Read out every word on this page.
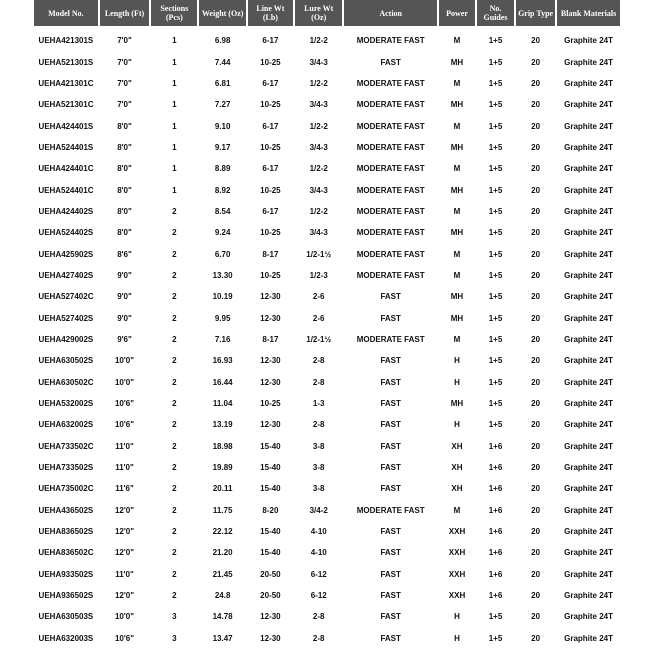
Model No.	Length (Ft)	Sections (Pcs)	Weight (Oz)	Line Wt (Lb)	Lure Wt (Oz)	Action	Power	No. Guides	Grip Type	Blank Materials

UEHA421301S	7'0"	1	6.98	6-17	1/2-2	MODERATE FAST	M	1+5	20	Graphite 24T
UEHA521301S	7'0"	1	7.44	10-25	3/4-3	FAST	MH	1+5	20	Graphite 24T
UEHA421301C	7'0"	1	6.81	6-17	1/2-2	MODERATE FAST	M	1+5	20	Graphite 24T
UEHA521301C	7'0"	1	7.27	10-25	3/4-3	MODERATE FAST	MH	1+5	20	Graphite 24T
UEHA424401S	8'0"	1	9.10	6-17	1/2-2	MODERATE FAST	M	1+5	20	Graphite 24T
UEHA524401S	8'0"	1	9.17	10-25	3/4-3	MODERATE FAST	MH	1+5	20	Graphite 24T
UEHA424401C	8'0"	1	8.89	6-17	1/2-2	MODERATE FAST	M	1+5	20	Graphite 24T
UEHA524401C	8'0"	1	8.92	10-25	3/4-3	MODERATE FAST	MH	1+5	20	Graphite 24T
UEHA424402S	8'0"	2	8.54	6-17	1/2-2	MODERATE FAST	M	1+5	20	Graphite 24T
UEHA524402S	8'0"	2	9.24	10-25	3/4-3	MODERATE FAST	MH	1+5	20	Graphite 24T
UEHA425902S	8'6"	2	6.70	8-17	1/2-1½	MODERATE FAST	M	1+5	20	Graphite 24T
UEHA427402S	9'0"	2	13.30	10-25	1/2-3	MODERATE FAST	M	1+5	20	Graphite 24T
UEHA527402C	9'0"	2	10.19	12-30	2-6	FAST	MH	1+5	20	Graphite 24T
UEHA527402S	9'0"	2	9.95	12-30	2-6	FAST	MH	1+5	20	Graphite 24T
UEHA429002S	9'6"	2	7.16	8-17	1/2-1½	MODERATE FAST	M	1+5	20	Graphite 24T
UEHA630502S	10'0"	2	16.93	12-30	2-8	FAST	H	1+5	20	Graphite 24T
UEHA630502C	10'0"	2	16.44	12-30	2-8	FAST	H	1+5	20	Graphite 24T
UEHA532002S	10'6"	2	11.04	10-25	1-3	FAST	MH	1+5	20	Graphite 24T
UEHA632002S	10'6"	2	13.19	12-30	2-8	FAST	H	1+5	20	Graphite 24T
UEHA733502C	11'0"	2	18.98	15-40	3-8	FAST	XH	1+6	20	Graphite 24T
UEHA733502S	11'0"	2	19.89	15-40	3-8	FAST	XH	1+6	20	Graphite 24T
UEHA735002C	11'6"	2	20.11	15-40	3-8	FAST	XH	1+6	20	Graphite 24T
UEHA436502S	12'0"	2	11.75	8-20	3/4-2	MODERATE FAST	M	1+6	20	Graphite 24T
UEHA836502S	12'0"	2	22.12	15-40	4-10	FAST	XXH	1+6	20	Graphite 24T
UEHA836502C	12'0"	2	21.20	15-40	4-10	FAST	XXH	1+6	20	Graphite 24T
UEHA933502S	11'0"	2	21.45	20-50	6-12	FAST	XXH	1+6	20	Graphite 24T
UEHA936502S	12'0"	2	24.8	20-50	6-12	FAST	XXH	1+6	20	Graphite 24T
UEHA630503S	10'0"	3	14.78	12-30	2-8	FAST	H	1+5	20	Graphite 24T
UEHA632003S	10'6"	3	13.47	12-30	2-8	FAST	H	1+5	20	Graphite 24T
